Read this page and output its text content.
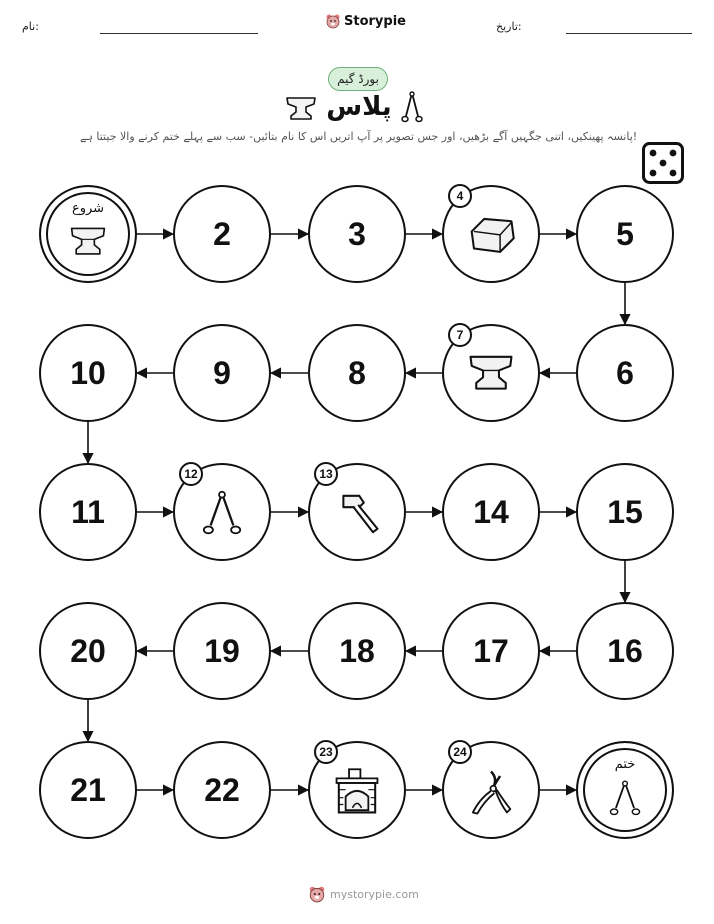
نام:	Storypie	تاریخ:
بورڈ گیم
پلاس
پانسہ پھینکیں، اتنی جگہیں آگے بڑھیں، اور جس تصویر پر آپ اتریں اس کا نام بتائیں- سب سے پہلے ختم کرنے والا جیتتا ہے!
شروع
2	3
4
5
6
7
8
9
10
11
12	13
14	15
16
17
18
19
20
21	22
23	24
ختم
mystorypie.com
